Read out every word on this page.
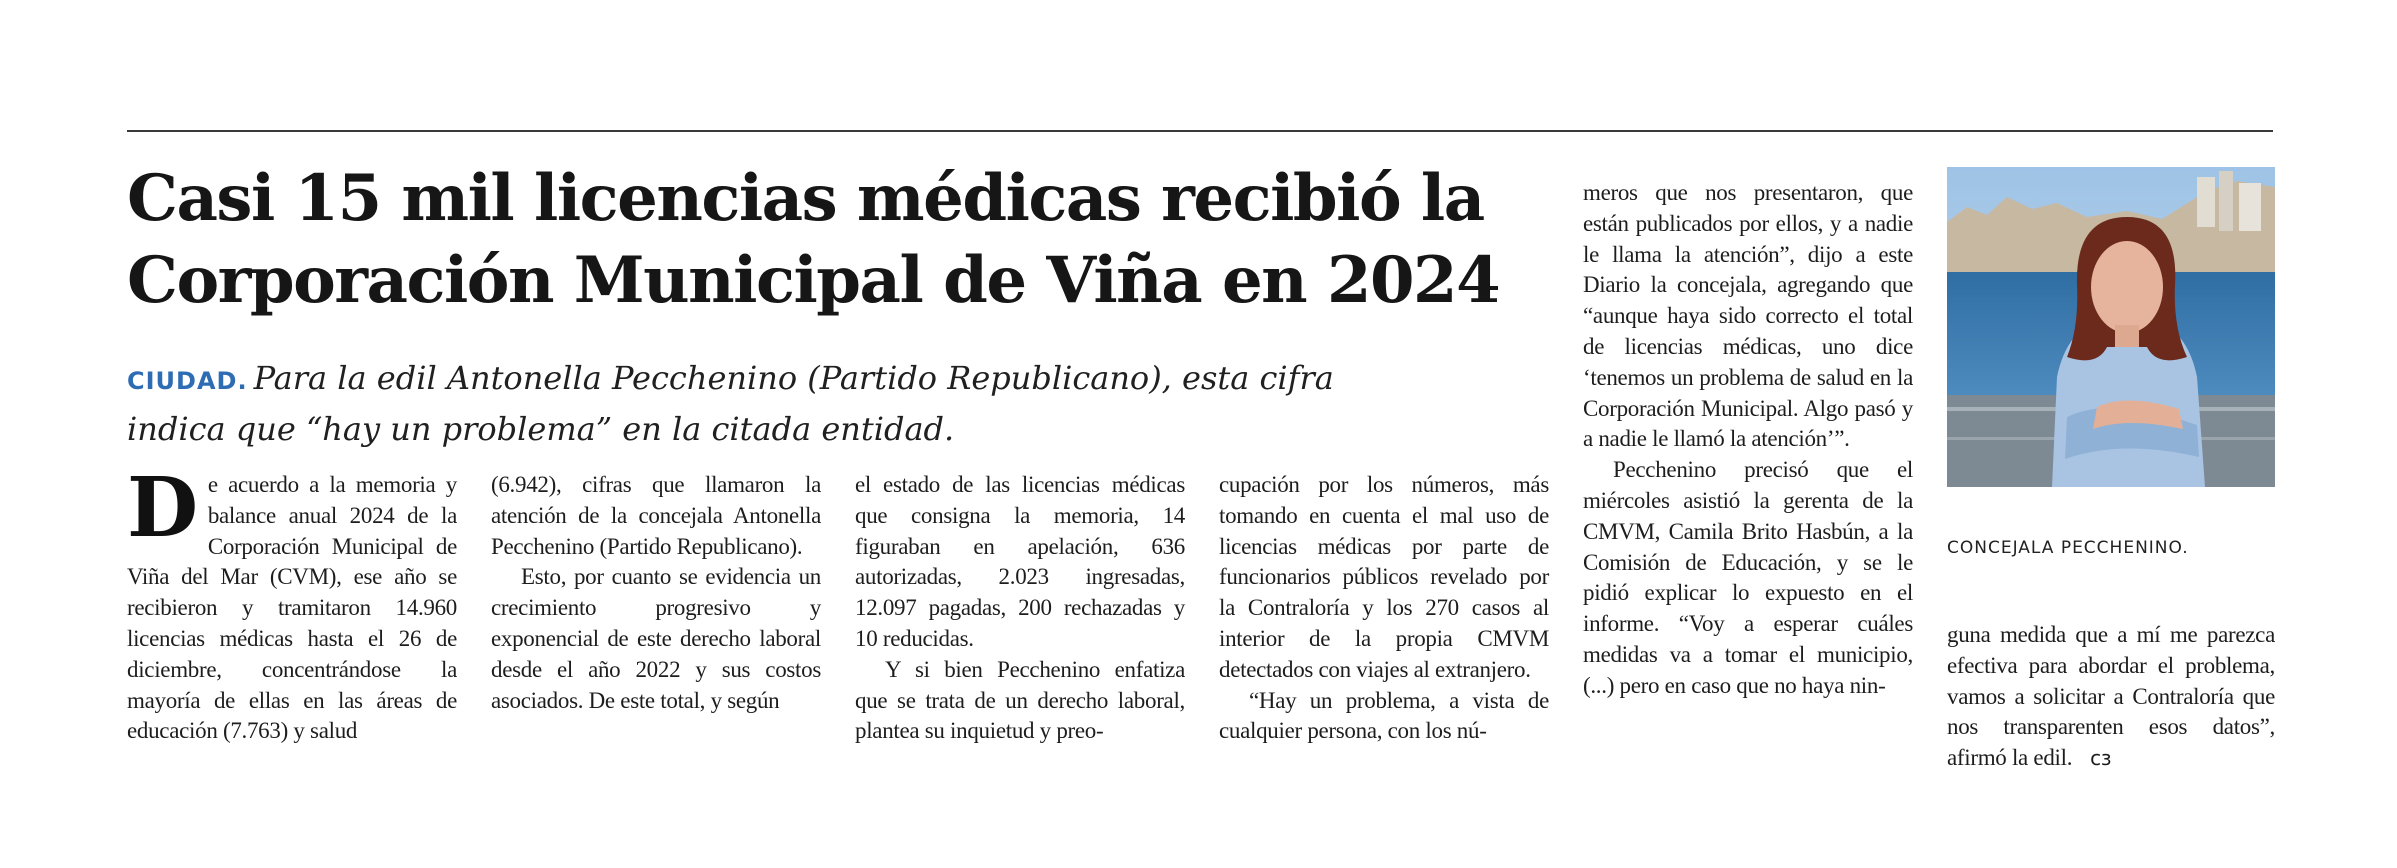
Casi 15 mil licencias médicas recibió la
Corporación Municipal de Viña en 2024

CIUDAD. Para la edil Antonella Pecchenino (Partido Republicano), esta cifra
indica que “hay un problema” en la citada entidad.

De acuerdo a la memoria y balance anual 2024 de la Corporación Municipal de Viña del Mar (CVM), ese año se recibieron y tramitaron 14.960 licencias médicas hasta el 26 de diciembre, concentrándose la mayoría de ellas en las áreas de educación (7.763) y salud

(6.942), cifras que llamaron la atención de la concejala Antonella Pecchenino (Partido Republicano).

Esto, por cuanto se evidencia un crecimiento progresivo y exponencial de este derecho laboral desde el año 2022 y sus costos asociados. De este total, y según

el estado de las licencias médicas que consigna la memoria, 14 figuraban en apelación, 636 autorizadas, 2.023 ingresadas, 12.097 pagadas, 200 rechazadas y 10 reducidas.

Y si bien Pecchenino enfatiza que se trata de un derecho laboral, plantea su inquietud y preo-

cupación por los números, más tomando en cuenta el mal uso de licencias médicas por parte de funcionarios públicos revelado por la Contraloría y los 270 casos al interior de la propia CMVM detectados con viajes al extranjero.

“Hay un problema, a vista de cualquier persona, con los nú-

meros que nos presentaron, que están publicados por ellos, y a nadie le llama la atención”, dijo a este Diario la concejala, agregando que “aunque haya sido correcto el total de licencias médicas, uno dice ‘tenemos un problema de salud en la Corporación Municipal. Algo pasó y a nadie le llamó la atención’”.

Pecchenino precisó que el miércoles asistió la gerenta de la CMVM, Camila Brito Hasbún, a la Comisión de Educación, y se le pidió explicar lo expuesto en el informe. “Voy a esperar cuáles medidas va a tomar el municipio, (...) pero en caso que no haya nin-

CONCEJALA PECCHENINO.

guna medida que a mí me parezca efectiva para abordar el problema, vamos a solicitar a Contraloría que nos transparenten esos datos”, afirmó la edil. ᴄɜ
